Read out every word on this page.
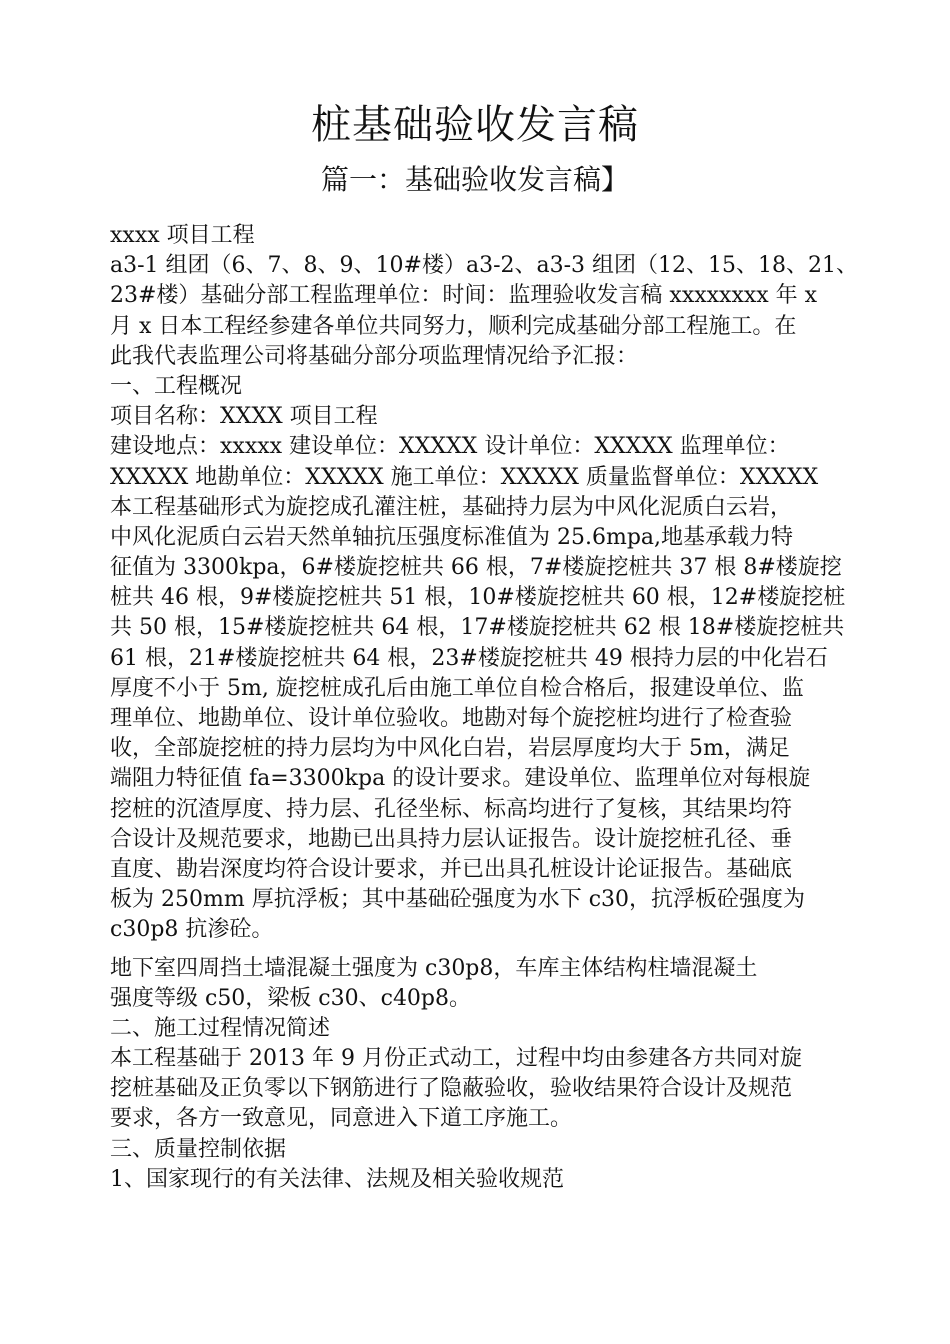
桩基础验收发言稿
篇一：基础验收发言稿】
xxxx 项目工程
a3-1 组团（6、7、8、9、10#楼）a3-2、a3-3 组团（12、15、18、21、
23#楼）基础分部工程监理单位：时间：监理验收发言稿 xxxxxxxx 年 x
月 x 日本工程经参建各单位共同努力，顺利完成基础分部工程施工。在
此我代表监理公司将基础分部分项监理情况给予汇报：
一、工程概况
项目名称：XXXX 项目工程
建设地点：xxxxx 建设单位：XXXXX 设计单位：XXXXX 监理单位：
XXXXX 地勘单位：XXXXX 施工单位：XXXXX 质量监督单位：XXXXX
本工程基础形式为旋挖成孔灌注桩，基础持力层为中风化泥质白云岩，
中风化泥质白云岩天然单轴抗压强度标准值为 25.6mpa,地基承载力特
征值为 3300kpa，6#楼旋挖桩共 66 根，7#楼旋挖桩共 37 根 8#楼旋挖
桩共 46 根，9#楼旋挖桩共 51 根，10#楼旋挖桩共 60 根，12#楼旋挖桩
共 50 根，15#楼旋挖桩共 64 根，17#楼旋挖桩共 62 根 18#楼旋挖桩共
61 根，21#楼旋挖桩共 64 根，23#楼旋挖桩共 49 根持力层的中化岩石
厚度不小于 5m, 旋挖桩成孔后由施工单位自检合格后，报建设单位、监
理单位、地勘单位、设计单位验收。地勘对每个旋挖桩均进行了检查验
收，全部旋挖桩的持力层均为中风化白岩，岩层厚度均大于 5m，满足
端阻力特征值 fa=3300kpa 的设计要求。建设单位、监理单位对每根旋
挖桩的沉渣厚度、持力层、孔径坐标、标高均进行了复核，其结果均符
合设计及规范要求，地勘已出具持力层认证报告。设计旋挖桩孔径、垂
直度、勘岩深度均符合设计要求，并已出具孔桩设计论证报告。基础底
板为 250mm 厚抗浮板；其中基础砼强度为水下 c30，抗浮板砼强度为
c30p8 抗渗砼。
地下室四周挡土墙混凝土强度为 c30p8，车库主体结构柱墙混凝土
强度等级 c50，梁板 c30、c40p8。
二、施工过程情况简述
本工程基础于 2013 年 9 月份正式动工，过程中均由参建各方共同对旋
挖桩基础及正负零以下钢筋进行了隐蔽验收，验收结果符合设计及规范
要求，各方一致意见，同意进入下道工序施工。
三、质量控制依据
1、国家现行的有关法律、法规及相关验收规范
